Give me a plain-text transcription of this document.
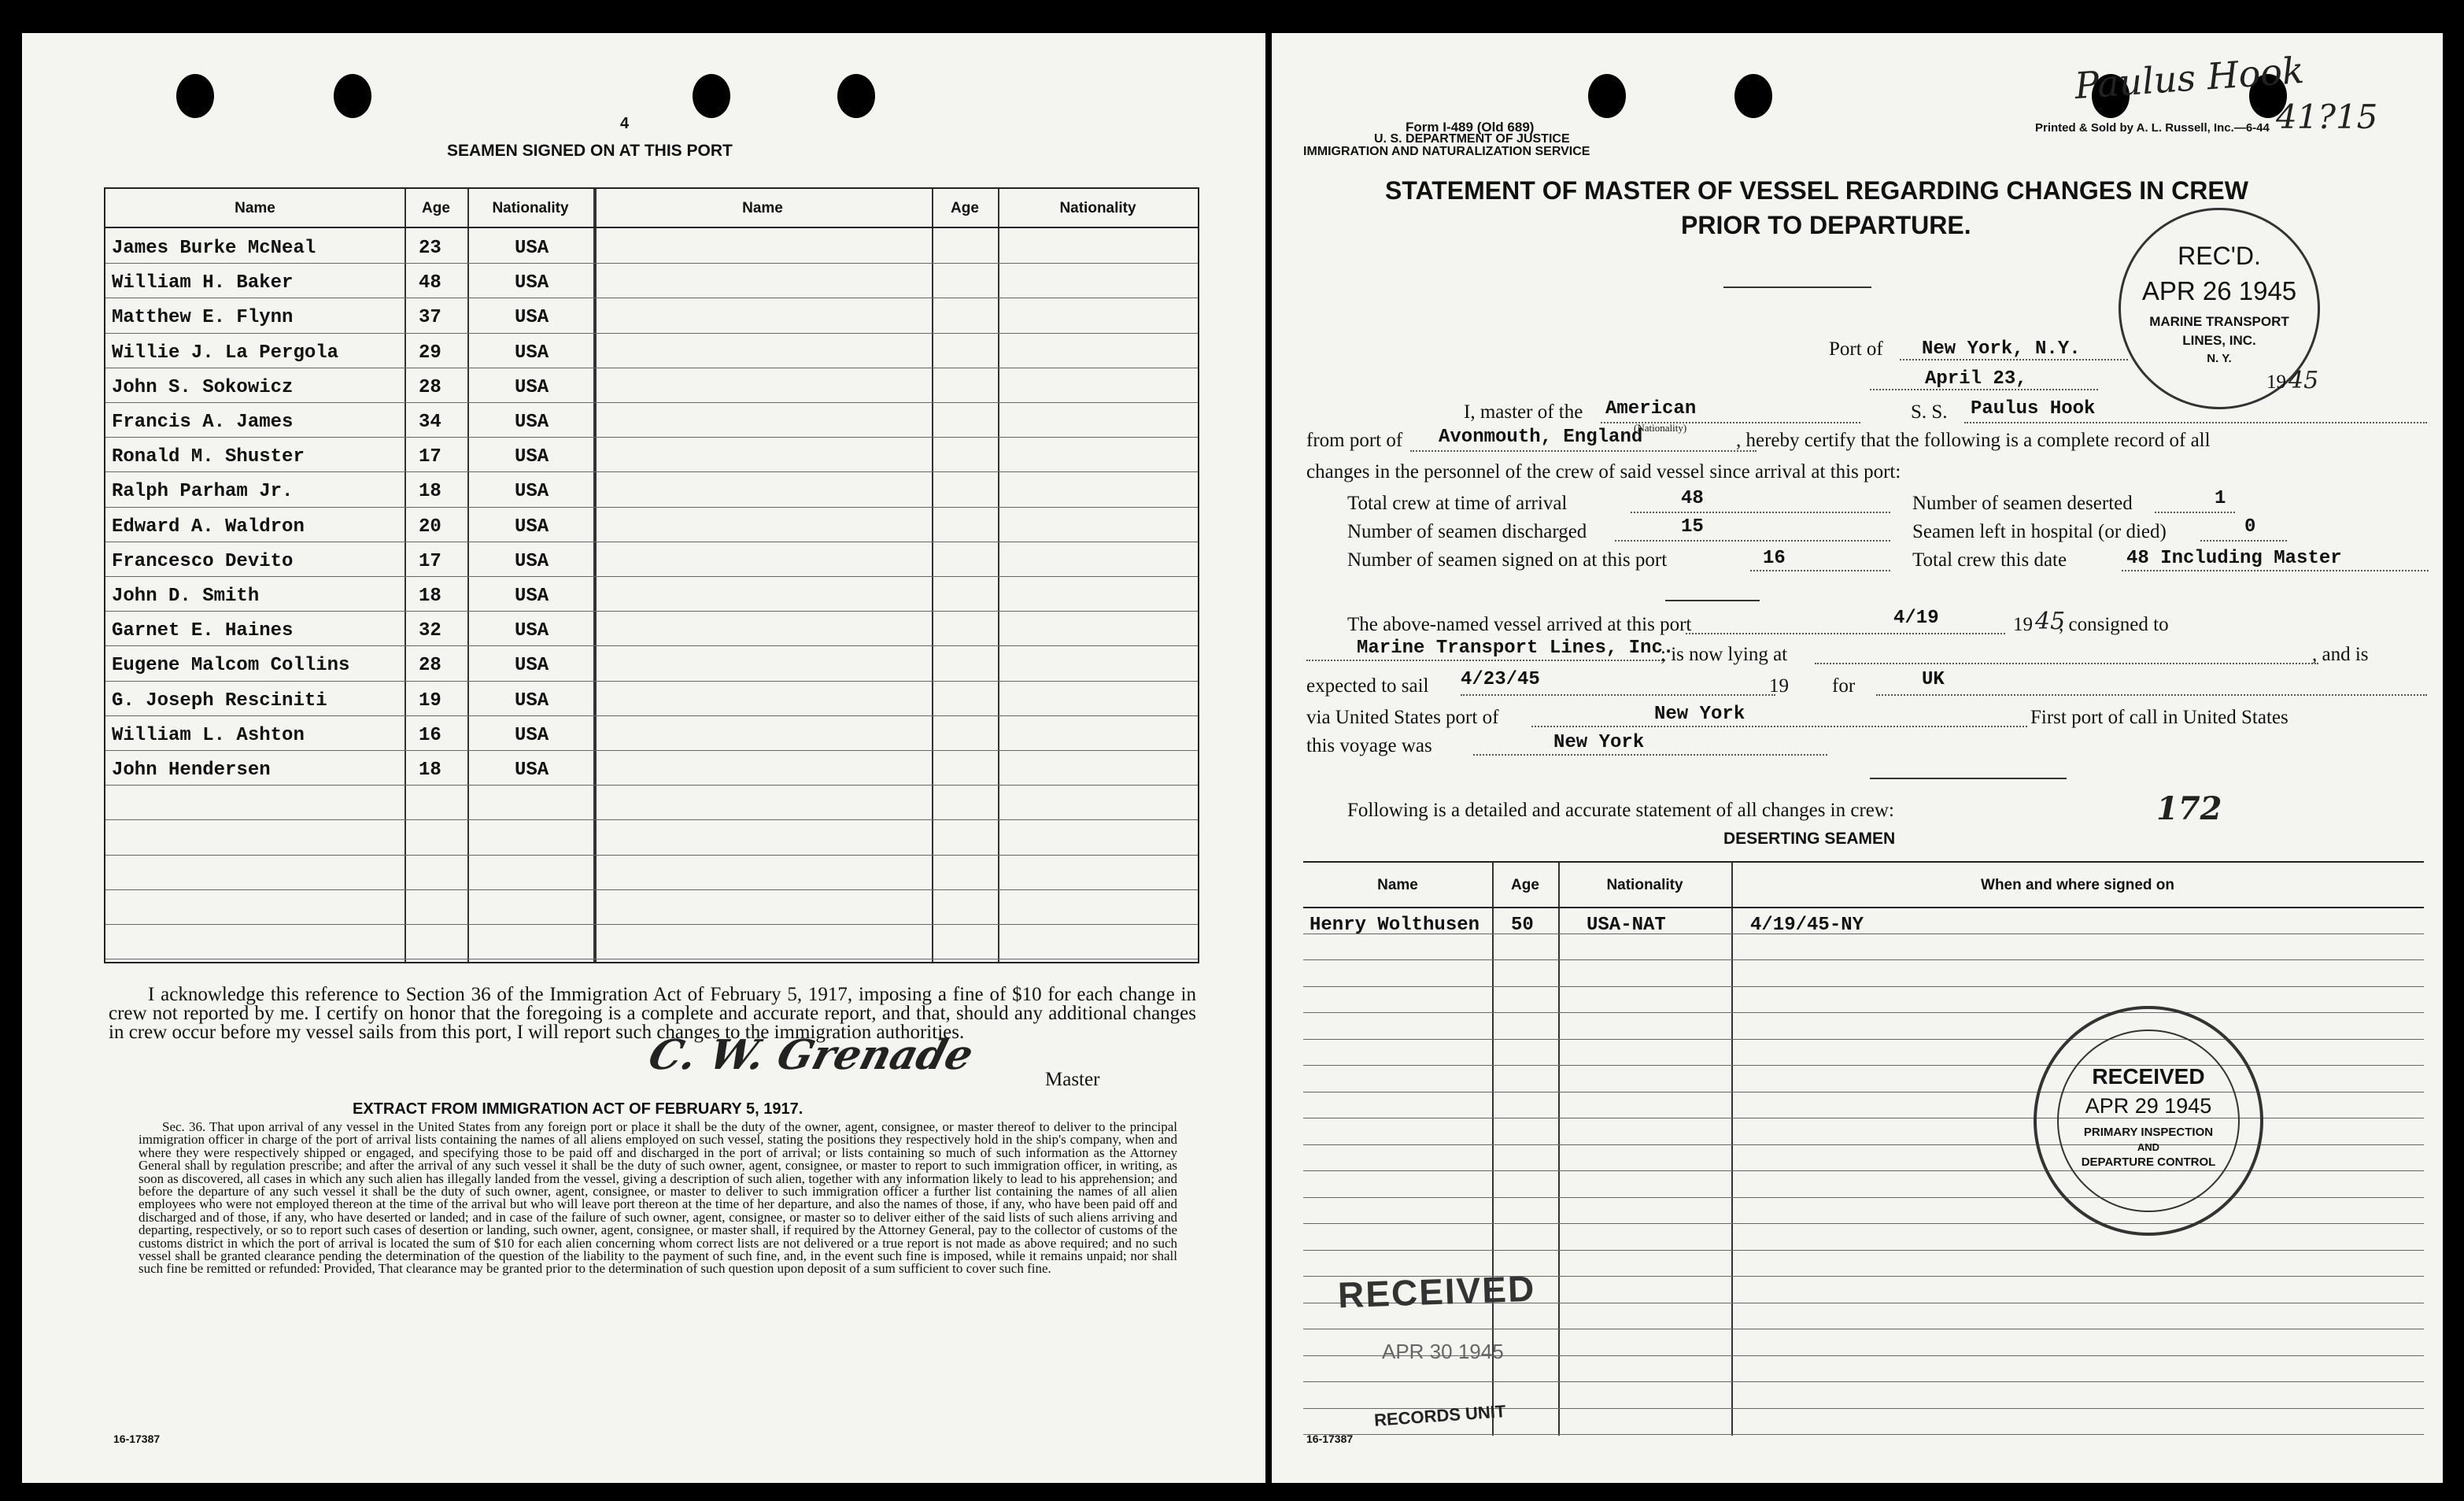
4
SEAMEN SIGNED ON AT THIS PORT
Name	Age	Nationality	Name	Age	Nationality
James Burke McNeal	23	USA
William H. Baker	48	USA
Matthew E. Flynn	37	USA
Willie J. La Pergola	29	USA
John S. Sokowicz	28	USA
Francis A. James	34	USA
Ronald M. Shuster	17	USA
Ralph Parham Jr.	18	USA
Edward A. Waldron	20	USA
Francesco Devito	17	USA
John D. Smith	18	USA
Garnet E. Haines	32	USA
Eugene Malcom Collins	28	USA
G. Joseph Resciniti	19	USA
William L. Ashton	16	USA
John Hendersen	18	USA
I acknowledge this reference to Section 36 of the Immigration Act of February 5, 1917, imposing a fine of $10 for each change in crew not reported by me. I certify on honor that the foregoing is a complete and accurate report, and that, should any additional changes in crew occur before my vessel sails from this port, I will report such changes to the immigration authorities.
C. W. Grenade
Master
EXTRACT FROM IMMIGRATION ACT OF FEBRUARY 5, 1917.
Sec. 36. That upon arrival of any vessel in the United States from any foreign port or place it shall be the duty of the owner, agent, consignee, or master thereof to deliver to the principal immigration officer in charge of the port of arrival lists containing the names of all aliens employed on such vessel, stating the positions they respectively hold in the ship's company, when and where they were respectively shipped or engaged, and specifying those to be paid off and discharged in the port of arrival; or lists containing so much of such information as the Attorney General shall by regulation prescribe; and after the arrival of any such vessel it shall be the duty of such owner, agent, consignee, or master to report to such immigration officer, in writing, as soon as discovered, all cases in which any such alien has illegally landed from the vessel, giving a description of such alien, together with any information likely to lead to his apprehension; and before the departure of any such vessel it shall be the duty of such owner, agent, consignee, or master to deliver to such immigration officer a further list containing the names of all alien employees who were not employed thereon at the time of the arrival but who will leave port thereon at the time of her departure, and also the names of those, if any, who have been paid off and discharged and of those, if any, who have deserted or landed; and in case of the failure of such owner, agent, consignee, or master so to deliver either of the said lists of such aliens arriving and departing, respectively, or so to report such cases of desertion or landing, such owner, agent, consignee, or master shall, if required by the Attorney General, pay to the collector of customs of the customs district in which the port of arrival is located the sum of $10 for each alien concerning whom correct lists are not delivered or a true report is not made as above required; and no such vessel shall be granted clearance pending the determination of the question of the liability to the payment of such fine, and, in the event such fine is imposed, while it remains unpaid; nor shall such fine be remitted or refunded: Provided, That clearance may be granted prior to the determination of such question upon deposit of a sum sufficient to cover such fine.
16-17387
Form I-489 (Old 689)
U. S. DEPARTMENT OF JUSTICE
IMMIGRATION AND NATURALIZATION SERVICE
Printed & Sold by A. L. Russell, Inc.—6-44
Paulus Hook
41?15
STATEMENT OF MASTER OF VESSEL REGARDING CHANGES IN CREW
PRIOR TO DEPARTURE.
REC'D.
APR 26 1945
MARINE TRANSPORT
LINES, INC.
N. Y.
Port of New York, N.Y.
April 23,	19 45
I, master of the American
(Nationality)
S. S. Paulus Hook
from port of Avonmouth, England	, hereby certify that the following is a complete record of all
changes in the personnel of the crew of said vessel since arrival at this port:
Total crew at time of arrival	48
Number of seamen discharged	15
Number of seamen signed on at this port	16
Number of seamen deserted	1
Seamen left in hospital (or died)	0
Total crew this date	48 Including Master
The above-named vessel arrived at this port	4/19	19 45
, consigned to
Marine Transport Lines, Inc.
; is now lying at	, and is
expected to sail 4/23/45	19 for	UK
via United States port of	New York	First port of call in United States
this voyage was	New York
Following is a detailed and accurate statement of all changes in crew:	172
DESERTING SEAMEN
Name	Age	Nationality	When and where signed on
Henry Wolthusen 50	USA-NAT	4/19/45-NY
RECEIVED
APR 29 1945
PRIMARY INSPECTION
AND
DEPARTURE CONTROL
RECEIVED
APR 30 1945
RECORDS UNIT
16-17387
